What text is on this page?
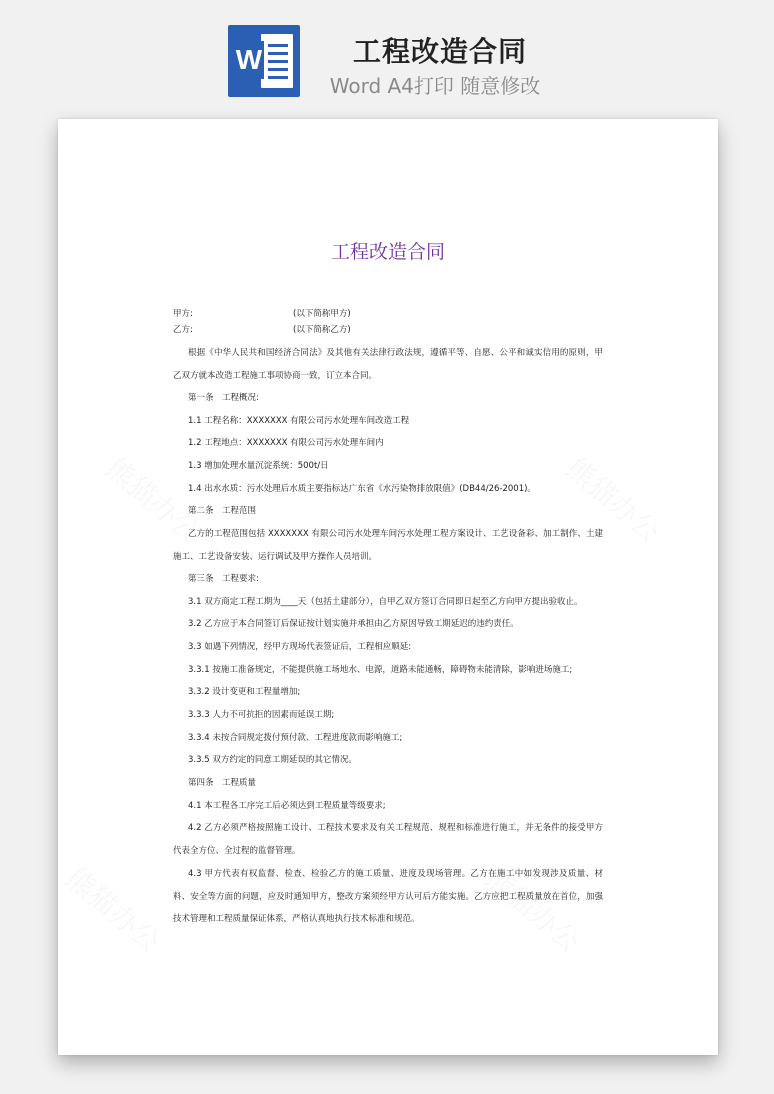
W	工程改造合同
Word A4打印 随意修改
工程改造合同
甲方:	(以下简称甲方)
乙方:	(以下简称乙方)

根据《中华人民共和国经济合同法》及其他有关法律行政法规，遵循平等、自愿、公平和诚实信用的原则，甲乙双方就本改造工程施工事项协商一致，订立本合同。

第一条　工程概况:

1.1 工程名称：XXXXXXX 有限公司污水处理车间改造工程

1.2 工程地点：XXXXXXX 有限公司污水处理车间内

1.3 增加处理水量沉淀系统：500t/日

1.4 出水水质：污水处理后水质主要指标达广东省《水污染物排放限值》(DB44/26-2001)。

第二条　工程范围

乙方的工程范围包括 XXXXXXX 有限公司污水处理车间污水处理工程方案设计、工艺设备彩、加工制作、土建施工、工艺设备安装、运行调试及甲方操作人员培训。

第三条　工程要求:

3.1 双方商定工程工期为____天（包括土建部分），自甲乙双方签订合同即日起至乙方向甲方提出验收止。

3.2 乙方应于本合同签订后保证按计划实施并承担由乙方原因导致工期延迟的违约责任。

3.3 如遇下列情况，经甲方现场代表签证后，工程相应顺延:

3.3.1 按施工准备规定，不能提供施工场地水、电源，道路未能通畅，障碍物未能清除，影响进场施工;

3.3.2 设计变更和工程量增加;

3.3.3 人力不可抗拒的因素而延误工期;

3.3.4 未按合同规定拨付预付款、工程进度款而影响施工;

3.3.5 双方约定的同意工期延误的其它情况。

第四条　工程质量

4.1 本工程各工序完工后必须达到工程质量等级要求;

4.2 乙方必须严格按照施工设计、工程技术要求及有关工程规范、规程和标准进行施工，并无条件的接受甲方代表全方位、全过程的监督管理。

4.3 甲方代表有权监督、检查、检验乙方的施工质量、进度及现场管理。乙方在施工中如发现涉及质量、材料、安全等方面的问题，应及时通知甲方，整改方案须经甲方认可后方能实施。乙方应把工程质量放在首位，加强技术管理和工程质量保证体系，严格认真地执行技术标准和规范。
